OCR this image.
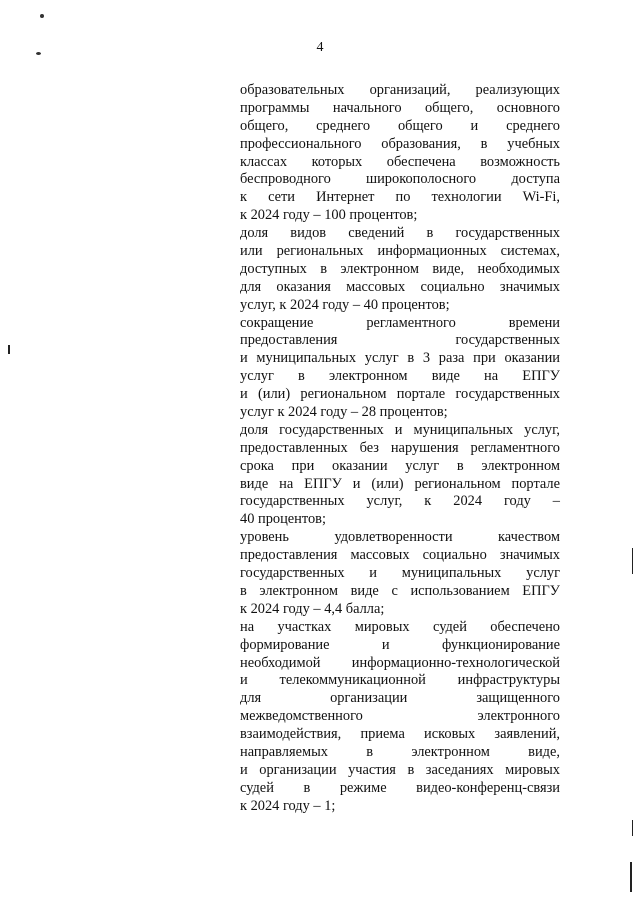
4
образовательных организаций, реализующих
программы начального общего, основного
общего, среднего общего и среднего
профессионального образования, в учебных
классах которых обеспечена возможность
беспроводного широкополосного доступа
к сети Интернет по технологии Wi-Fi,
к 2024 году – 100 процентов;
доля видов сведений в государственных
или региональных информационных системах,
доступных в электронном виде, необходимых
для оказания массовых социально значимых
услуг, к 2024 году – 40 процентов;
сокращение регламентного времени
предоставления государственных
и муниципальных услуг в 3 раза при оказании
услуг в электронном виде на ЕПГУ
и (или) региональном портале государственных
услуг к 2024 году – 28 процентов;
доля государственных и муниципальных услуг,
предоставленных без нарушения регламентного
срока при оказании услуг в электронном
виде на ЕПГУ и (или) региональном портале
государственных услуг, к 2024 году –
40 процентов;
уровень удовлетворенности качеством
предоставления массовых социально значимых
государственных и муниципальных услуг
в электронном виде с использованием ЕПГУ
к 2024 году – 4,4 балла;
на участках мировых судей обеспечено
формирование и функционирование
необходимой информационно-технологической
и телекоммуникационной инфраструктуры
для организации защищенного
межведомственного электронного
взаимодействия, приема исковых заявлений,
направляемых в электронном виде,
и организации участия в заседаниях мировых
судей в режиме видео-конференц-связи
к 2024 году – 1;
